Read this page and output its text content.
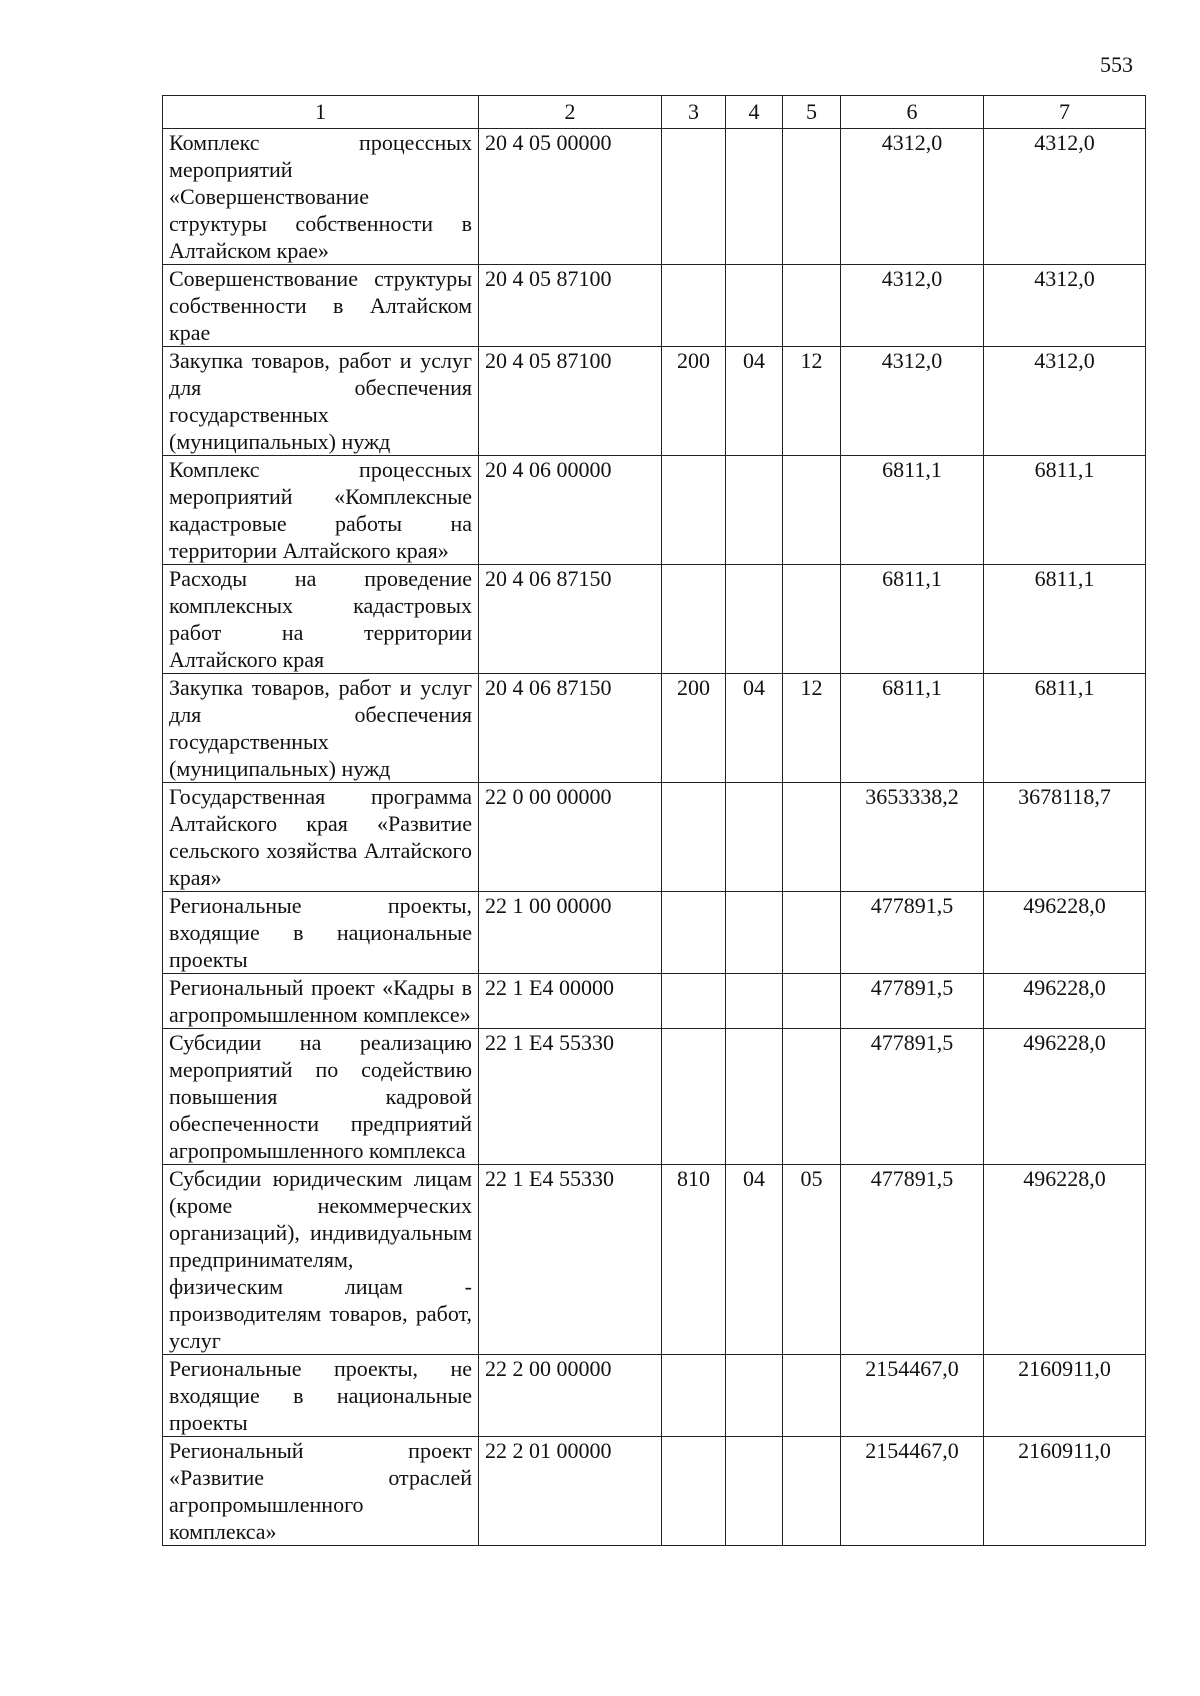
553
1	2	3	4	5	6	7
Комплекс процессных мероприятий «Совершенствование структуры собственности в Алтайском крае»	20 4 05 00000				4312,0	4312,0
Совершенствование структуры собственности в Алтайском крае	20 4 05 87100				4312,0	4312,0
Закупка товаров, работ и услуг для обеспечения государственных (муниципальных) нужд	20 4 05 87100	200	04	12	4312,0	4312,0
Комплекс процессных мероприятий «Комплексные кадастровые работы на территории Алтайского края»	20 4 06 00000				6811,1	6811,1
Расходы на проведение комплексных кадастровых работ на территории Алтайского края	20 4 06 87150				6811,1	6811,1
Закупка товаров, работ и услуг для обеспечения государственных (муниципальных) нужд	20 4 06 87150	200	04	12	6811,1	6811,1
Государственная программа Алтайского края «Развитие сельского хозяйства Алтайского края»	22 0 00 00000				3653338,2	3678118,7
Региональные проекты, входящие в национальные проекты	22 1 00 00000				477891,5	496228,0
Региональный проект «Кадры в агропромышленном комплексе»	22 1 Е4 00000				477891,5	496228,0
Субсидии на реализацию мероприятий по содействию повышения кадровой обеспеченности предприятий агропромышленного комплекса	22 1 Е4 55330				477891,5	496228,0
Субсидии юридическим лицам (кроме некоммерческих организаций), индивидуальным предпринимателям, физическим лицам - производителям товаров, работ, услуг	22 1 Е4 55330	810	04	05	477891,5	496228,0
Региональные проекты, не входящие в национальные проекты	22 2 00 00000				2154467,0	2160911,0
Региональный проект «Развитие отраслей агропромышленного комплекса»	22 2 01 00000				2154467,0	2160911,0
